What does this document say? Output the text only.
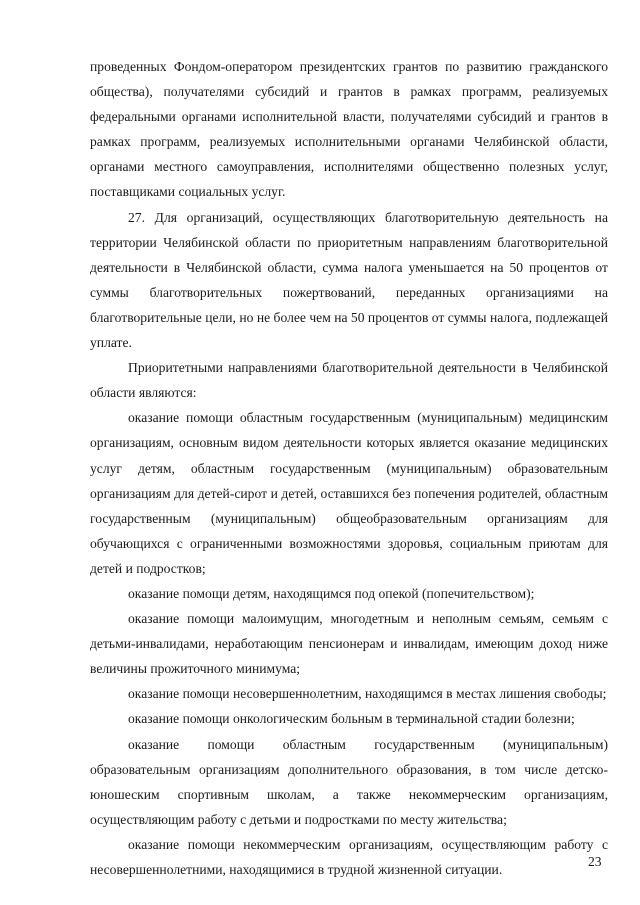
проведенных Фондом-оператором президентских грантов по развитию гражданского общества), получателями субсидий и грантов в рамках программ, реализуемых федеральными органами исполнительной власти, получателями субсидий и грантов в рамках программ, реализуемых исполнительными органами Челябинской области, органами местного самоуправления, исполнителями общественно полезных услуг, поставщиками социальных услуг.

27. Для организаций, осуществляющих благотворительную деятельность на территории Челябинской области по приоритетным направлениям благотворительной деятельности в Челябинской области, сумма налога уменьшается на 50 процентов от суммы благотворительных пожертвований, переданных организациями на благотворительные цели, но не более чем на 50 процентов от суммы налога, подлежащей уплате.

Приоритетными направлениями благотворительной деятельности в Челябинской области являются:

оказание помощи областным государственным (муниципальным) медицинским организациям, основным видом деятельности которых является оказание медицинских услуг детям, областным государственным (муниципальным) образовательным организациям для детей-сирот и детей, оставшихся без попечения родителей, областным государственным (муниципальным) общеобразовательным организациям для обучающихся с ограниченными возможностями здоровья, социальным приютам для детей и подростков;

оказание помощи детям, находящимся под опекой (попечительством);

оказание помощи малоимущим, многодетным и неполным семьям, семьям с детьми-инвалидами, неработающим пенсионерам и инвалидам, имеющим доход ниже величины прожиточного минимума;

оказание помощи несовершеннолетним, находящимся в местах лишения свободы;

оказание помощи онкологическим больным в терминальной стадии болезни;

оказание помощи областным государственным (муниципальным) образовательным организациям дополнительного образования, в том числе детско-юношеским спортивным школам, а также некоммерческим организациям, осуществляющим работу с детьми и подростками по месту жительства;

оказание помощи некоммерческим организациям, осуществляющим работу с несовершеннолетними, находящимися в трудной жизненной ситуации.

23
